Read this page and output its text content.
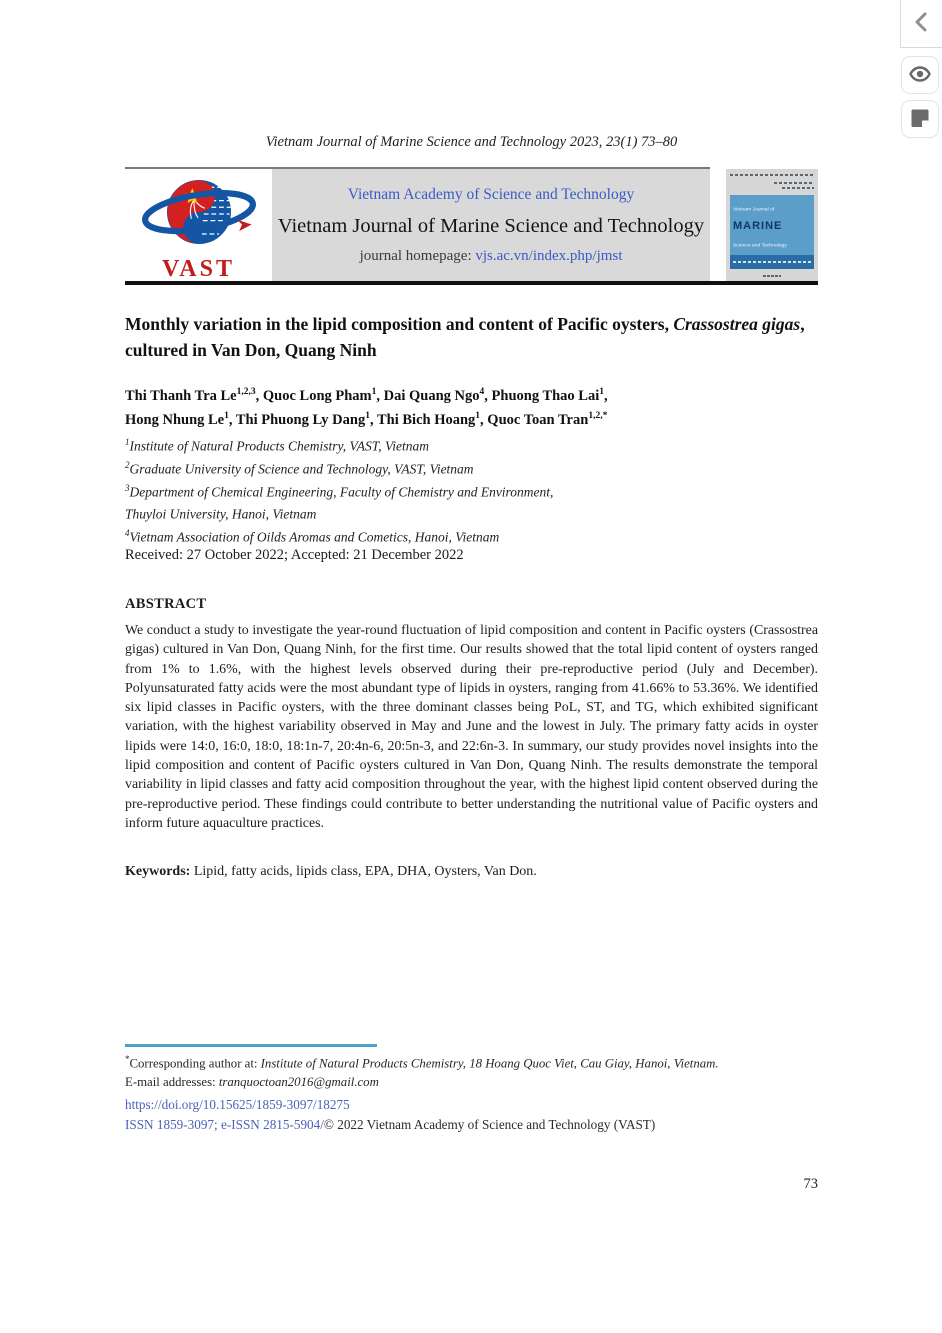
Vietnam Journal of Marine Science and Technology 2023, 23(1) 73–80
VAST
Vietnam Academy of Science and Technology
Vietnam Journal of Marine Science and Technology
journal homepage: vjs.ac.vn/index.php/jmst
Vietnam Journal of
MARINE
Science and Technology
Monthly variation in the lipid composition and content of Pacific oysters, Crassostrea gigas, cultured in Van Don, Quang Ninh
Thi Thanh Tra Le$^{1,2,3}$, Quoc Long Pham$^1$, Dai Quang Ngo$^4$, Phuong Thao Lai$^1$,
Hong Nhung Le$^1$, Thi Phuong Ly Dang$^1$, Thi Bich Hoang$^1$, Quoc Toan Tran$^{1,2,*}$
$^1$Institute of Natural Products Chemistry, VAST, Vietnam
$^2$Graduate University of Science and Technology, VAST, Vietnam
$^3$Department of Chemical Engineering, Faculty of Chemistry and Environment,
Thuyloi University, Hanoi, Vietnam
$^4$Vietnam Association of Oilds Aromas and Cometics, Hanoi, Vietnam
Received: 27 October 2022; Accepted: 21 December 2022
ABSTRACT
We conduct a study to investigate the year-round fluctuation of lipid composition and content in Pacific oysters (Crassostrea gigas) cultured in Van Don, Quang Ninh, for the first time. Our results showed that the total lipid content of oysters ranged from 1% to 1.6%, with the highest levels observed during their pre-reproductive period (July and December). Polyunsaturated fatty acids were the most abundant type of lipids in oysters, ranging from 41.66% to 53.36%. We identified six lipid classes in Pacific oysters, with the three dominant classes being PoL, ST, and TG, which exhibited significant variation, with the highest variability observed in May and June and the lowest in July. The primary fatty acids in oyster lipids were 14:0, 16:0, 18:0, 18:1n-7, 20:4n-6, 20:5n-3, and 22:6n-3. In summary, our study provides novel insights into the lipid composition and content of Pacific oysters cultured in Van Don, Quang Ninh. The results demonstrate the temporal variability in lipid classes and fatty acid composition throughout the year, with the highest lipid content observed during the pre-reproductive period. These findings could contribute to better understanding the nutritional value of Pacific oysters and inform future aquaculture practices.
Keywords: Lipid, fatty acids, lipids class, EPA, DHA, Oysters, Van Don.
*Corresponding author at: Institute of Natural Products Chemistry, 18 Hoang Quoc Viet, Cau Giay, Hanoi, Vietnam.
E-mail addresses: tranquoctoan2016@gmail.com
https://doi.org/10.15625/1859-3097/18275
ISSN 1859-3097; e-ISSN 2815-5904/© 2022 Vietnam Academy of Science and Technology (VAST)
73
